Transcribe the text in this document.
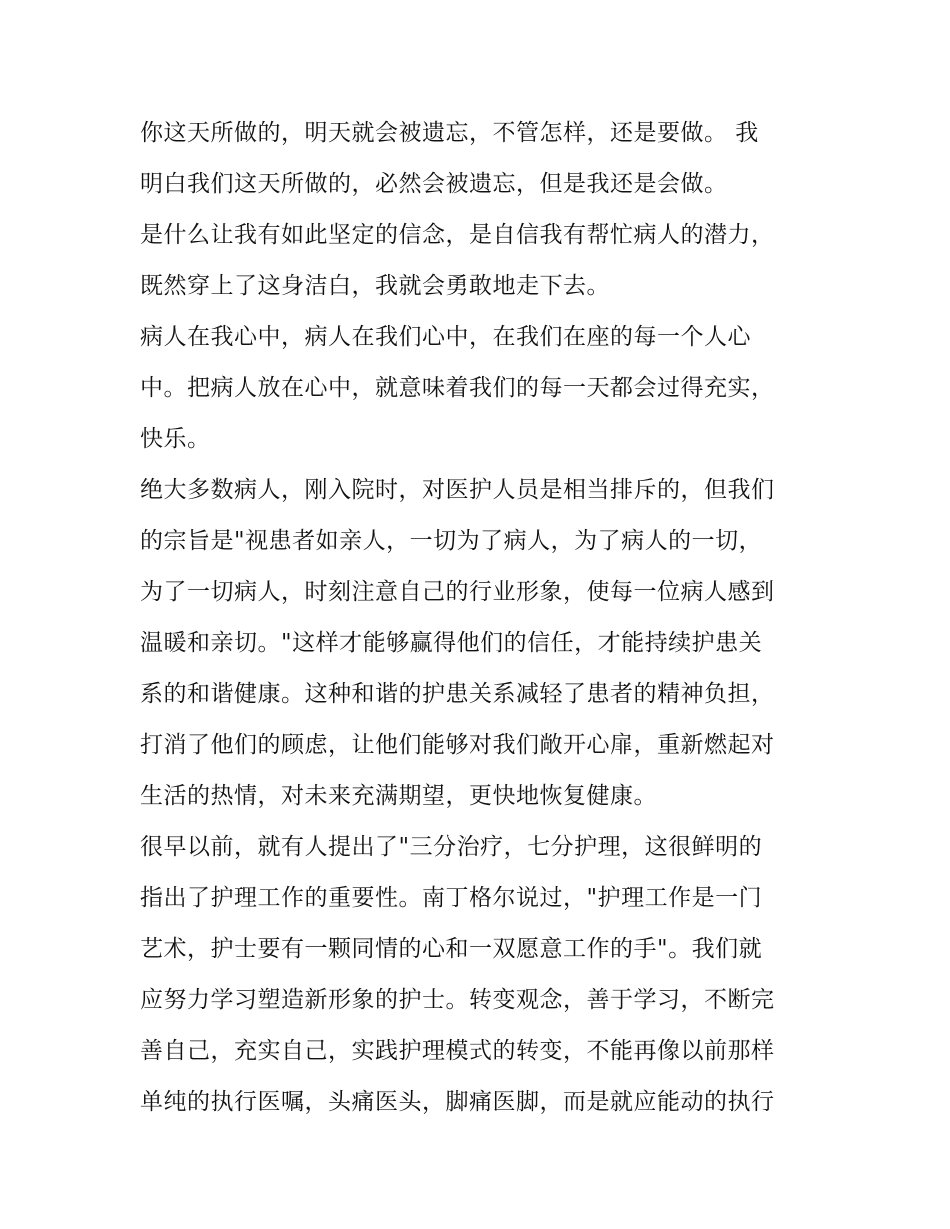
你这天所做的，明天就会被遗忘，不管怎样，还是要做。 我
明白我们这天所做的，必然会被遗忘，但是我还是会做。
是什么让我有如此坚定的信念，是自信我有帮忙病人的潜力，
既然穿上了这身洁白，我就会勇敢地走下去。
病人在我心中，病人在我们心中，在我们在座的每一个人心
中。把病人放在心中，就意味着我们的每一天都会过得充实，
快乐。
绝大多数病人，刚入院时，对医护人员是相当排斥的，但我们
的宗旨是"视患者如亲人，一切为了病人，为了病人的一切，
为了一切病人，时刻注意自己的行业形象，使每一位病人感到
温暖和亲切。"这样才能够赢得他们的信任，才能持续护患关
系的和谐健康。这种和谐的护患关系减轻了患者的精神负担，
打消了他们的顾虑，让他们能够对我们敞开心扉，重新燃起对
生活的热情，对未来充满期望，更快地恢复健康。
很早以前，就有人提出了"三分治疗，七分护理，这很鲜明的
指出了护理工作的重要性。南丁格尔说过，"护理工作是一门
艺术，护士要有一颗同情的心和一双愿意工作的手"。我们就
应努力学习塑造新形象的护士。转变观念，善于学习，不断完
善自己，充实自己，实践护理模式的转变，不能再像以前那样
单纯的执行医嘱，头痛医头，脚痛医脚，而是就应能动的执行
